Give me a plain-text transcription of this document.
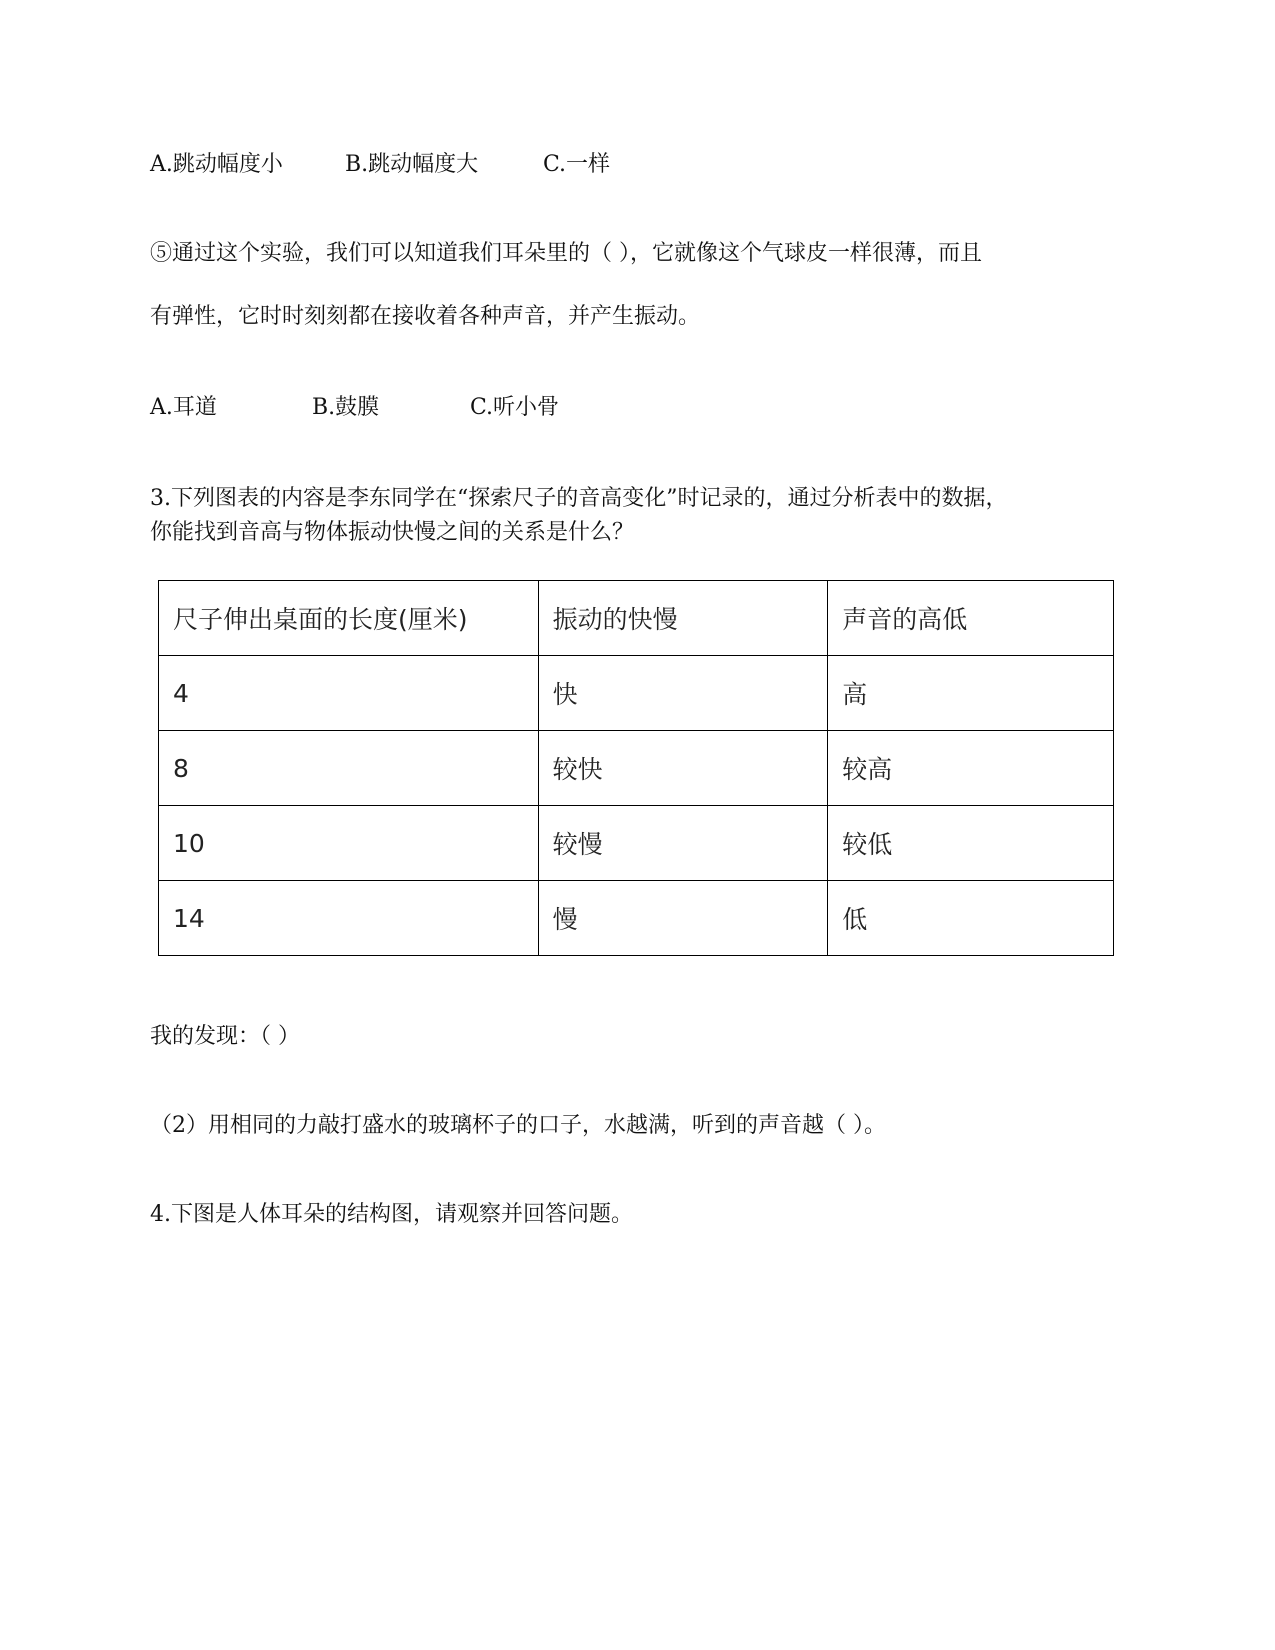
A.跳动幅度小	B.跳动幅度大	C.一样
⑤通过这个实验，我们可以知道我们耳朵里的（ ），它就像这个气球皮一样很薄，而且
有弹性，它时时刻刻都在接收着各种声音，并产生振动。
A.耳道	B.鼓膜	C.听小骨
3.下列图表的内容是李东同学在“探索尺子的音高变化”时记录的，通过分析表中的数据，
你能找到音高与物体振动快慢之间的关系是什么？
尺子伸出桌面的长度(厘米)	振动的快慢	声音的高低
4	快	高
8	较快	较高
10	较慢	较低
14	慢	低
我的发现：（ ）
（2）用相同的力敲打盛水的玻璃杯子的口子，水越满，听到的声音越（ ）。
4.下图是人体耳朵的结构图，请观察并回答问题。
